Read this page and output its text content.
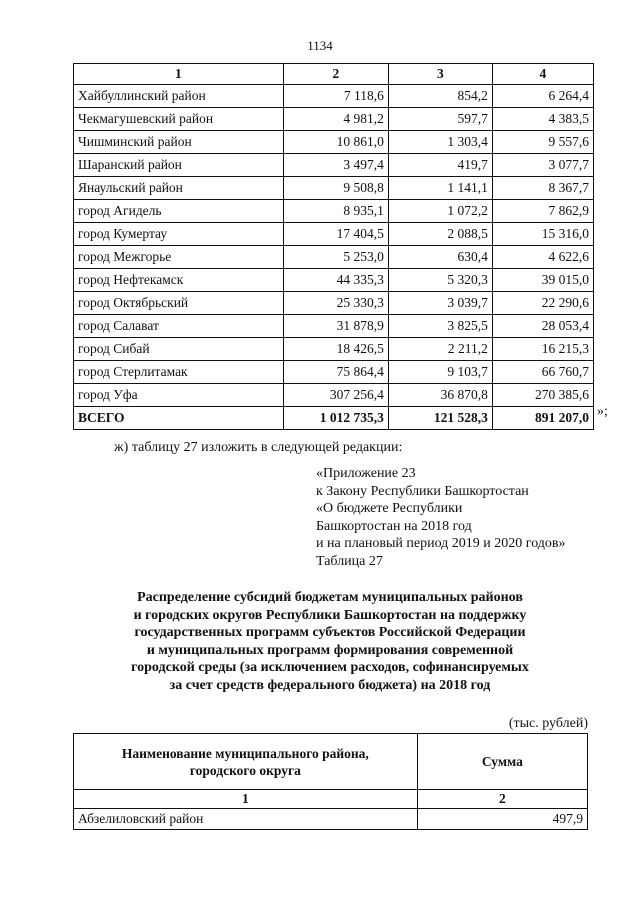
1134
1	2	3	4
Хайбуллинский район	7 118,6	854,2	6 264,4
Чекмагушевский район	4 981,2	597,7	4 383,5
Чишминский район	10 861,0	1 303,4	9 557,6
Шаранский район	3 497,4	419,7	3 077,7
Янаульский район	9 508,8	1 141,1	8 367,7
город Агидель	8 935,1	1 072,2	7 862,9
город Кумертау	17 404,5	2 088,5	15 316,0
город Межгорье	5 253,0	630,4	4 622,6
город Нефтекамск	44 335,3	5 320,3	39 015,0
город Октябрьский	25 330,3	3 039,7	22 290,6
город Салават	31 878,9	3 825,5	28 053,4
город Сибай	18 426,5	2 211,2	16 215,3
город Стерлитамак	75 864,4	9 103,7	66 760,7
город Уфа	307 256,4	36 870,8	270 385,6
ВСЕГО	1 012 735,3	121 528,3	891 207,0 »;
ж) таблицу 27 изложить в следующей редакции:
«Приложение 23
к Закону Республики Башкортостан
«О бюджете Республики
Башкортостан на 2018 год
и на плановый период 2019 и 2020 годов»
Таблица 27
Распределение субсидий бюджетам муниципальных районов
и городских округов Республики Башкортостан на поддержку
государственных программ субъектов Российской Федерации
и муниципальных программ формирования современной
городской среды (за исключением расходов, софинансируемых
за счет средств федерального бюджета) на 2018 год
(тыс. рублей)
Наименование муниципального района,
городского округа	Сумма
1	2
Абзелиловский район	497,9
